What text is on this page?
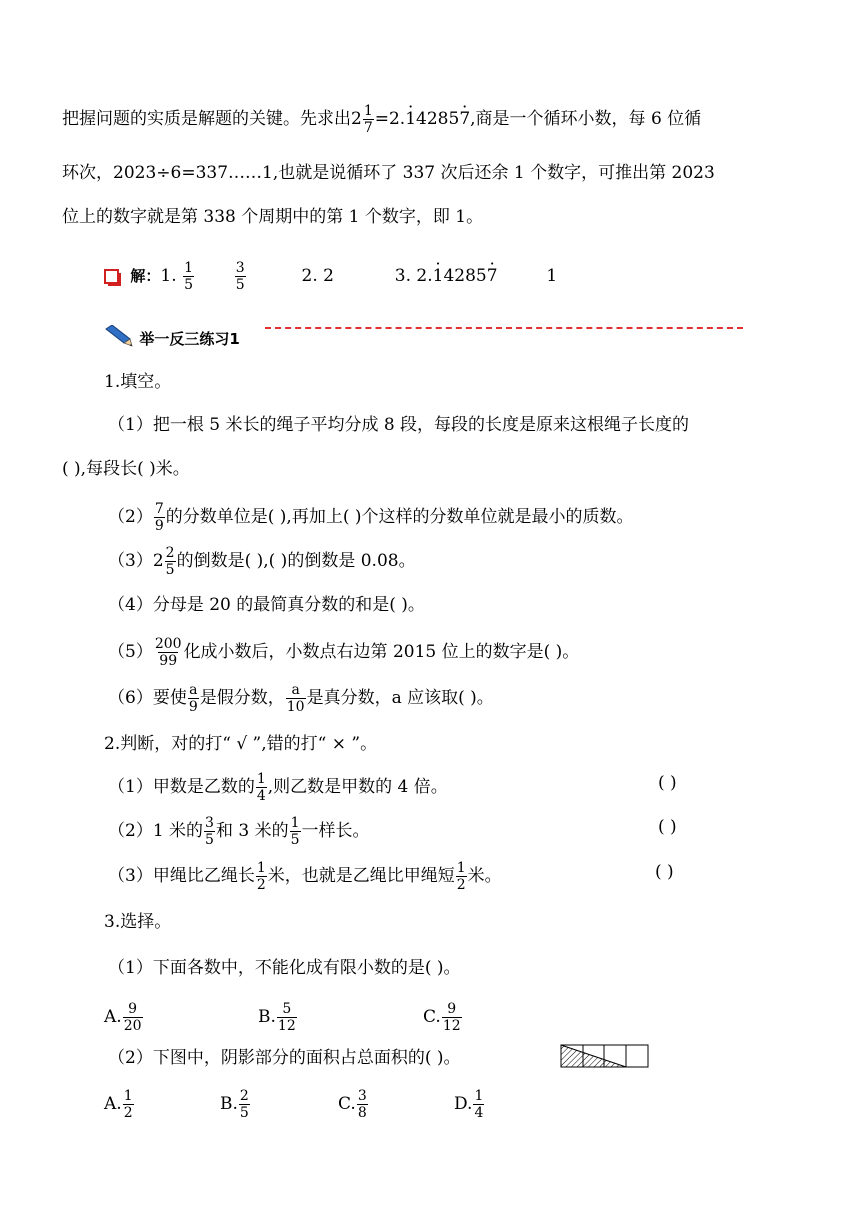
把握问题的实质是解题的关键。先求出$2 \frac{1}{7} =2.\cdot 14285\cdot 7$,商是一个循环小数，每 6 位循
环次，2023÷6=337……1,也就是说循环了 337 次后还余 1 个数字，可推出第 2023
位上的数字就是第 338 个周期中的第 1 个数字，即 1。
解：1. $\frac{1}{5}$
	$\frac{3}{5}$	2. 2	3. 2.· 14285· 7	1
举一反三练习1
1.填空。
（1）把一根 5 米长的绳子平均分成 8 段，每段的长度是原来这根绳子长度的
( ),每段长( )米。
$(2) \frac{7}{9}$ 的分数单位是( ),再加上( )个这样的分数单位就是最小的质数。
$(3)2 \frac{2}{5}$ 的倒数是( ),( )的倒数是 0.08。
（4）分母是 20 的最简真分数的和是( )。
$(5) \frac{200}{99}$ 化成小数后，小数点右边第 2015 位上的数字是( )。
（6）要使 $\frac{a}{9}$ 是假分数， $\frac{a}{10}$ 是真分数，a 应该取( )。
2.判断，对的打“ √ ”,错的打“ × ”。
（1）甲数是乙数的 $\frac{1}{4}$ ,则乙数是甲数的 4 倍。	( )
（2）1 米的 $\frac{3}{5}$ 和 3 米的 $\frac{1}{5}$ 一样长。	( )
（3）甲绳比乙绳长 $\frac{1}{2}$ 米，也就是乙绳比甲绳短 $\frac{1}{2}$ 米。	( )
3.选择。
（1）下面各数中，不能化成有限小数的是( )。
A. $\frac{9}{20}$	B. $\frac{5}{12}$	C. $\frac{9}{12}$
（2）下图中，阴影部分的面积占总面积的( )。
A. $\frac{1}{2}$	B. $\frac{2}{5}$	C. $\frac{3}{8}$	D. $\frac{1}{4}$
